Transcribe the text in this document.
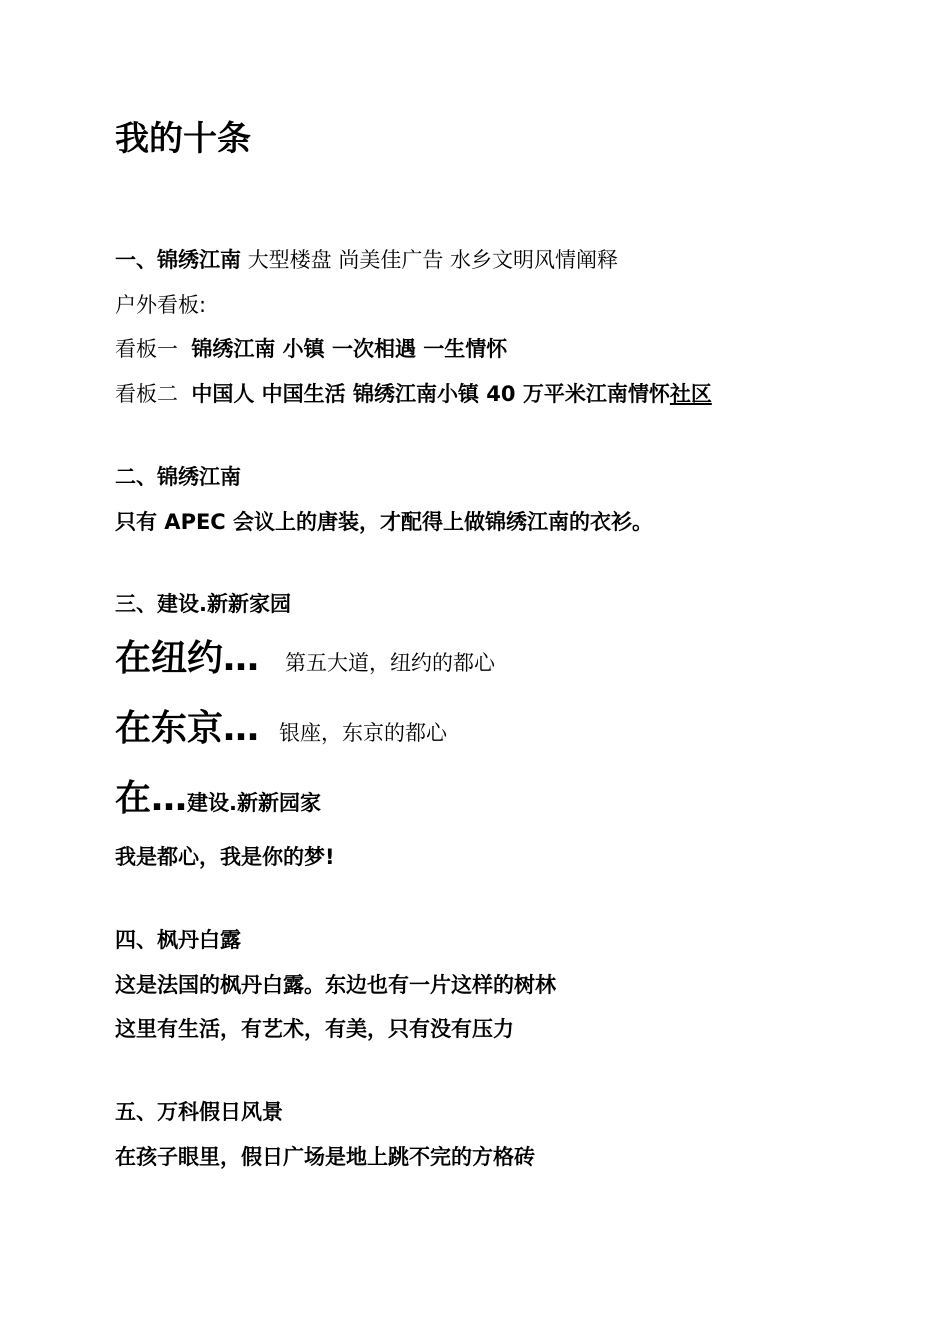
我的十条
一、锦绣江南 大型楼盘 尚美佳广告 水乡文明风情阐释
户外看板:
看板一  锦绣江南 小镇 一次相遇 一生情怀
看板二  中国人 中国生活 锦绣江南小镇 40 万平米江南情怀社区
二、锦绣江南
只有 APEC 会议上的唐装，才配得上做锦绣江南的衣衫。
三、建设.新新家园
在纽约… 第五大道，纽约的都心
在东京… 银座，东京的都心
在…建设.新新园家
我是都心，我是你的梦!
四、枫丹白露
这是法国的枫丹白露。东边也有一片这样的树林
这里有生活，有艺术，有美，只有没有压力
五、万科假日风景
在孩子眼里，假日广场是地上跳不完的方格砖
